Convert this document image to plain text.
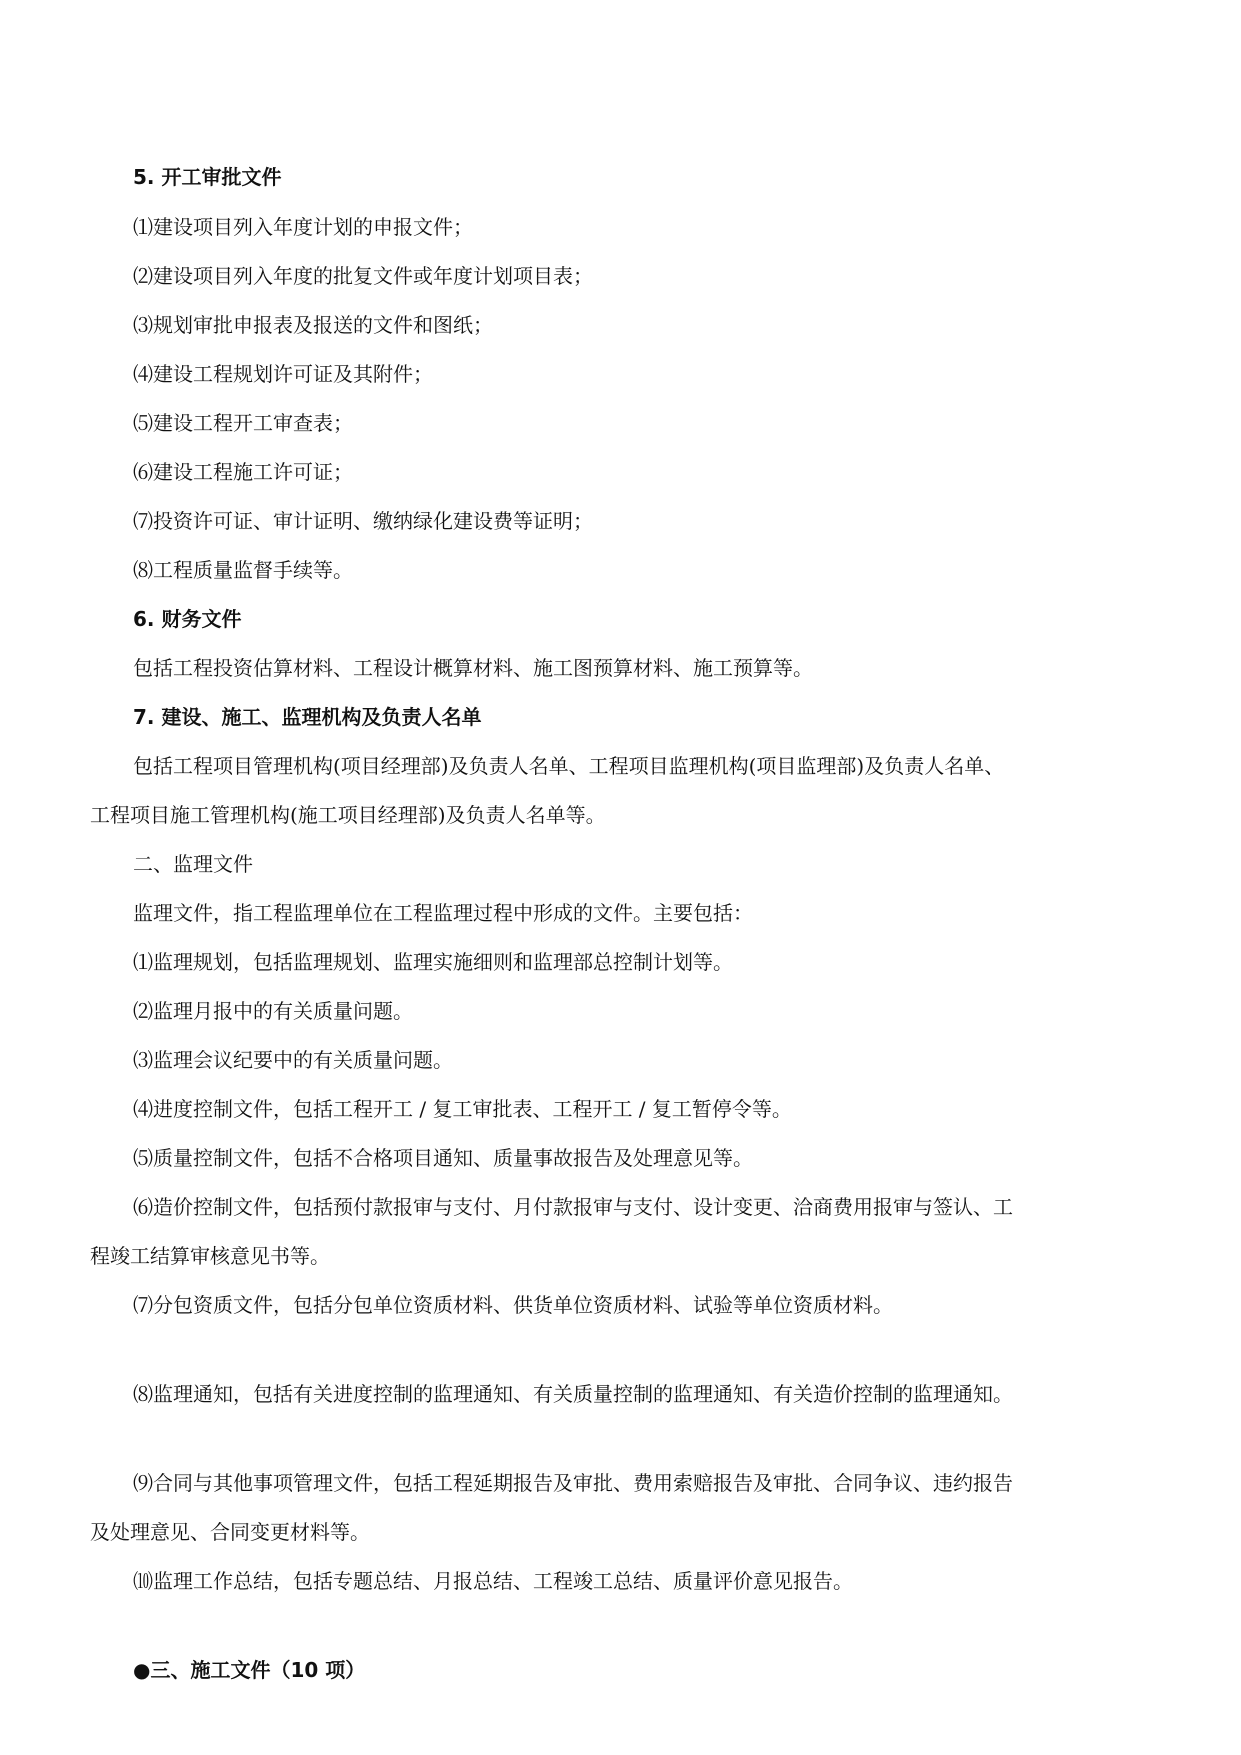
5. 开工审批文件
⑴建设项目列入年度计划的申报文件；
⑵建设项目列入年度的批复文件或年度计划项目表；
⑶规划审批申报表及报送的文件和图纸；
⑷建设工程规划许可证及其附件；
⑸建设工程开工审查表；
⑹建设工程施工许可证；
⑺投资许可证、审计证明、缴纳绿化建设费等证明；
⑻工程质量监督手续等。
6. 财务文件
包括工程投资估算材料、工程设计概算材料、施工图预算材料、施工预算等。
7. 建设、施工、监理机构及负责人名单
包括工程项目管理机构(项目经理部)及负责人名单、工程项目监理机构(项目监理部)及负责人名单、
工程项目施工管理机构(施工项目经理部)及负责人名单等。
二、监理文件
监理文件，指工程监理单位在工程监理过程中形成的文件。主要包括：
⑴监理规划，包括监理规划、监理实施细则和监理部总控制计划等。
⑵监理月报中的有关质量问题。
⑶监理会议纪要中的有关质量问题。
⑷进度控制文件，包括工程开工 / 复工审批表、工程开工 / 复工暂停令等。
⑸质量控制文件，包括不合格项目通知、质量事故报告及处理意见等。
⑹造价控制文件，包括预付款报审与支付、月付款报审与支付、设计变更、洽商费用报审与签认、工
程竣工结算审核意见书等。
⑺分包资质文件，包括分包单位资质材料、供货单位资质材料、试验等单位资质材料。
⑻监理通知，包括有关进度控制的监理通知、有关质量控制的监理通知、有关造价控制的监理通知。
⑼合同与其他事项管理文件，包括工程延期报告及审批、费用索赔报告及审批、合同争议、违约报告
及处理意见、合同变更材料等。
⑽监理工作总结，包括专题总结、月报总结、工程竣工总结、质量评价意见报告。
●三、施工文件（10 项）
